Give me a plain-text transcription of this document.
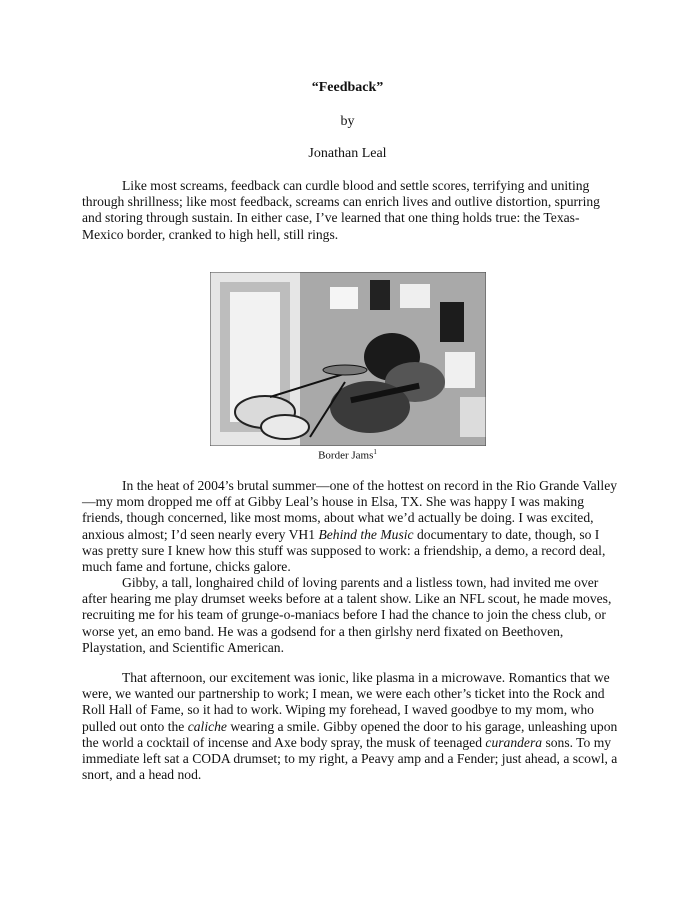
“Feedback”
by
Jonathan Leal

Like most screams, feedback can curdle blood and settle scores, terrifying and uniting through shrillness; like most feedback, screams can enrich lives and outlive distortion, spurring and storing through sustain. In either case, I’ve learned that one thing holds true: the Texas-Mexico border, cranked to high hell, still rings.

Border Jams$^1$

In the heat of 2004’s brutal summer—one of the hottest on record in the Rio Grande Valley—my mom dropped me off at Gibby Leal’s house in Elsa, TX. She was happy I was making friends, though concerned, like most moms, about what we’d actually be doing. I was excited, anxious almost; I’d seen nearly every VH1 Behind the Music documentary to date, though, so I was pretty sure I knew how this stuff was supposed to work: a friendship, a demo, a record deal, much fame and fortune, chicks galore.

Gibby, a tall, longhaired child of loving parents and a listless town, had invited me over after hearing me play drumset weeks before at a talent show. Like an NFL scout, he made moves, recruiting me for his team of grunge-o-maniacs before I had the chance to join the chess club, or worse yet, an emo band. He was a godsend for a then girlshy nerd fixated on Beethoven, Playstation, and Scientific American.

That afternoon, our excitement was ionic, like plasma in a microwave. Romantics that we were, we wanted our partnership to work; I mean, we were each other’s ticket into the Rock and Roll Hall of Fame, so it had to work. Wiping my forehead, I waved goodbye to my mom, who pulled out onto the caliche wearing a smile. Gibby opened the door to his garage, unleashing upon the world a cocktail of incense and Axe body spray, the musk of teenaged curandera sons. To my immediate left sat a CODA drumset; to my right, a Peavy amp and a Fender; just ahead, a scowl, a snort, and a head nod.
